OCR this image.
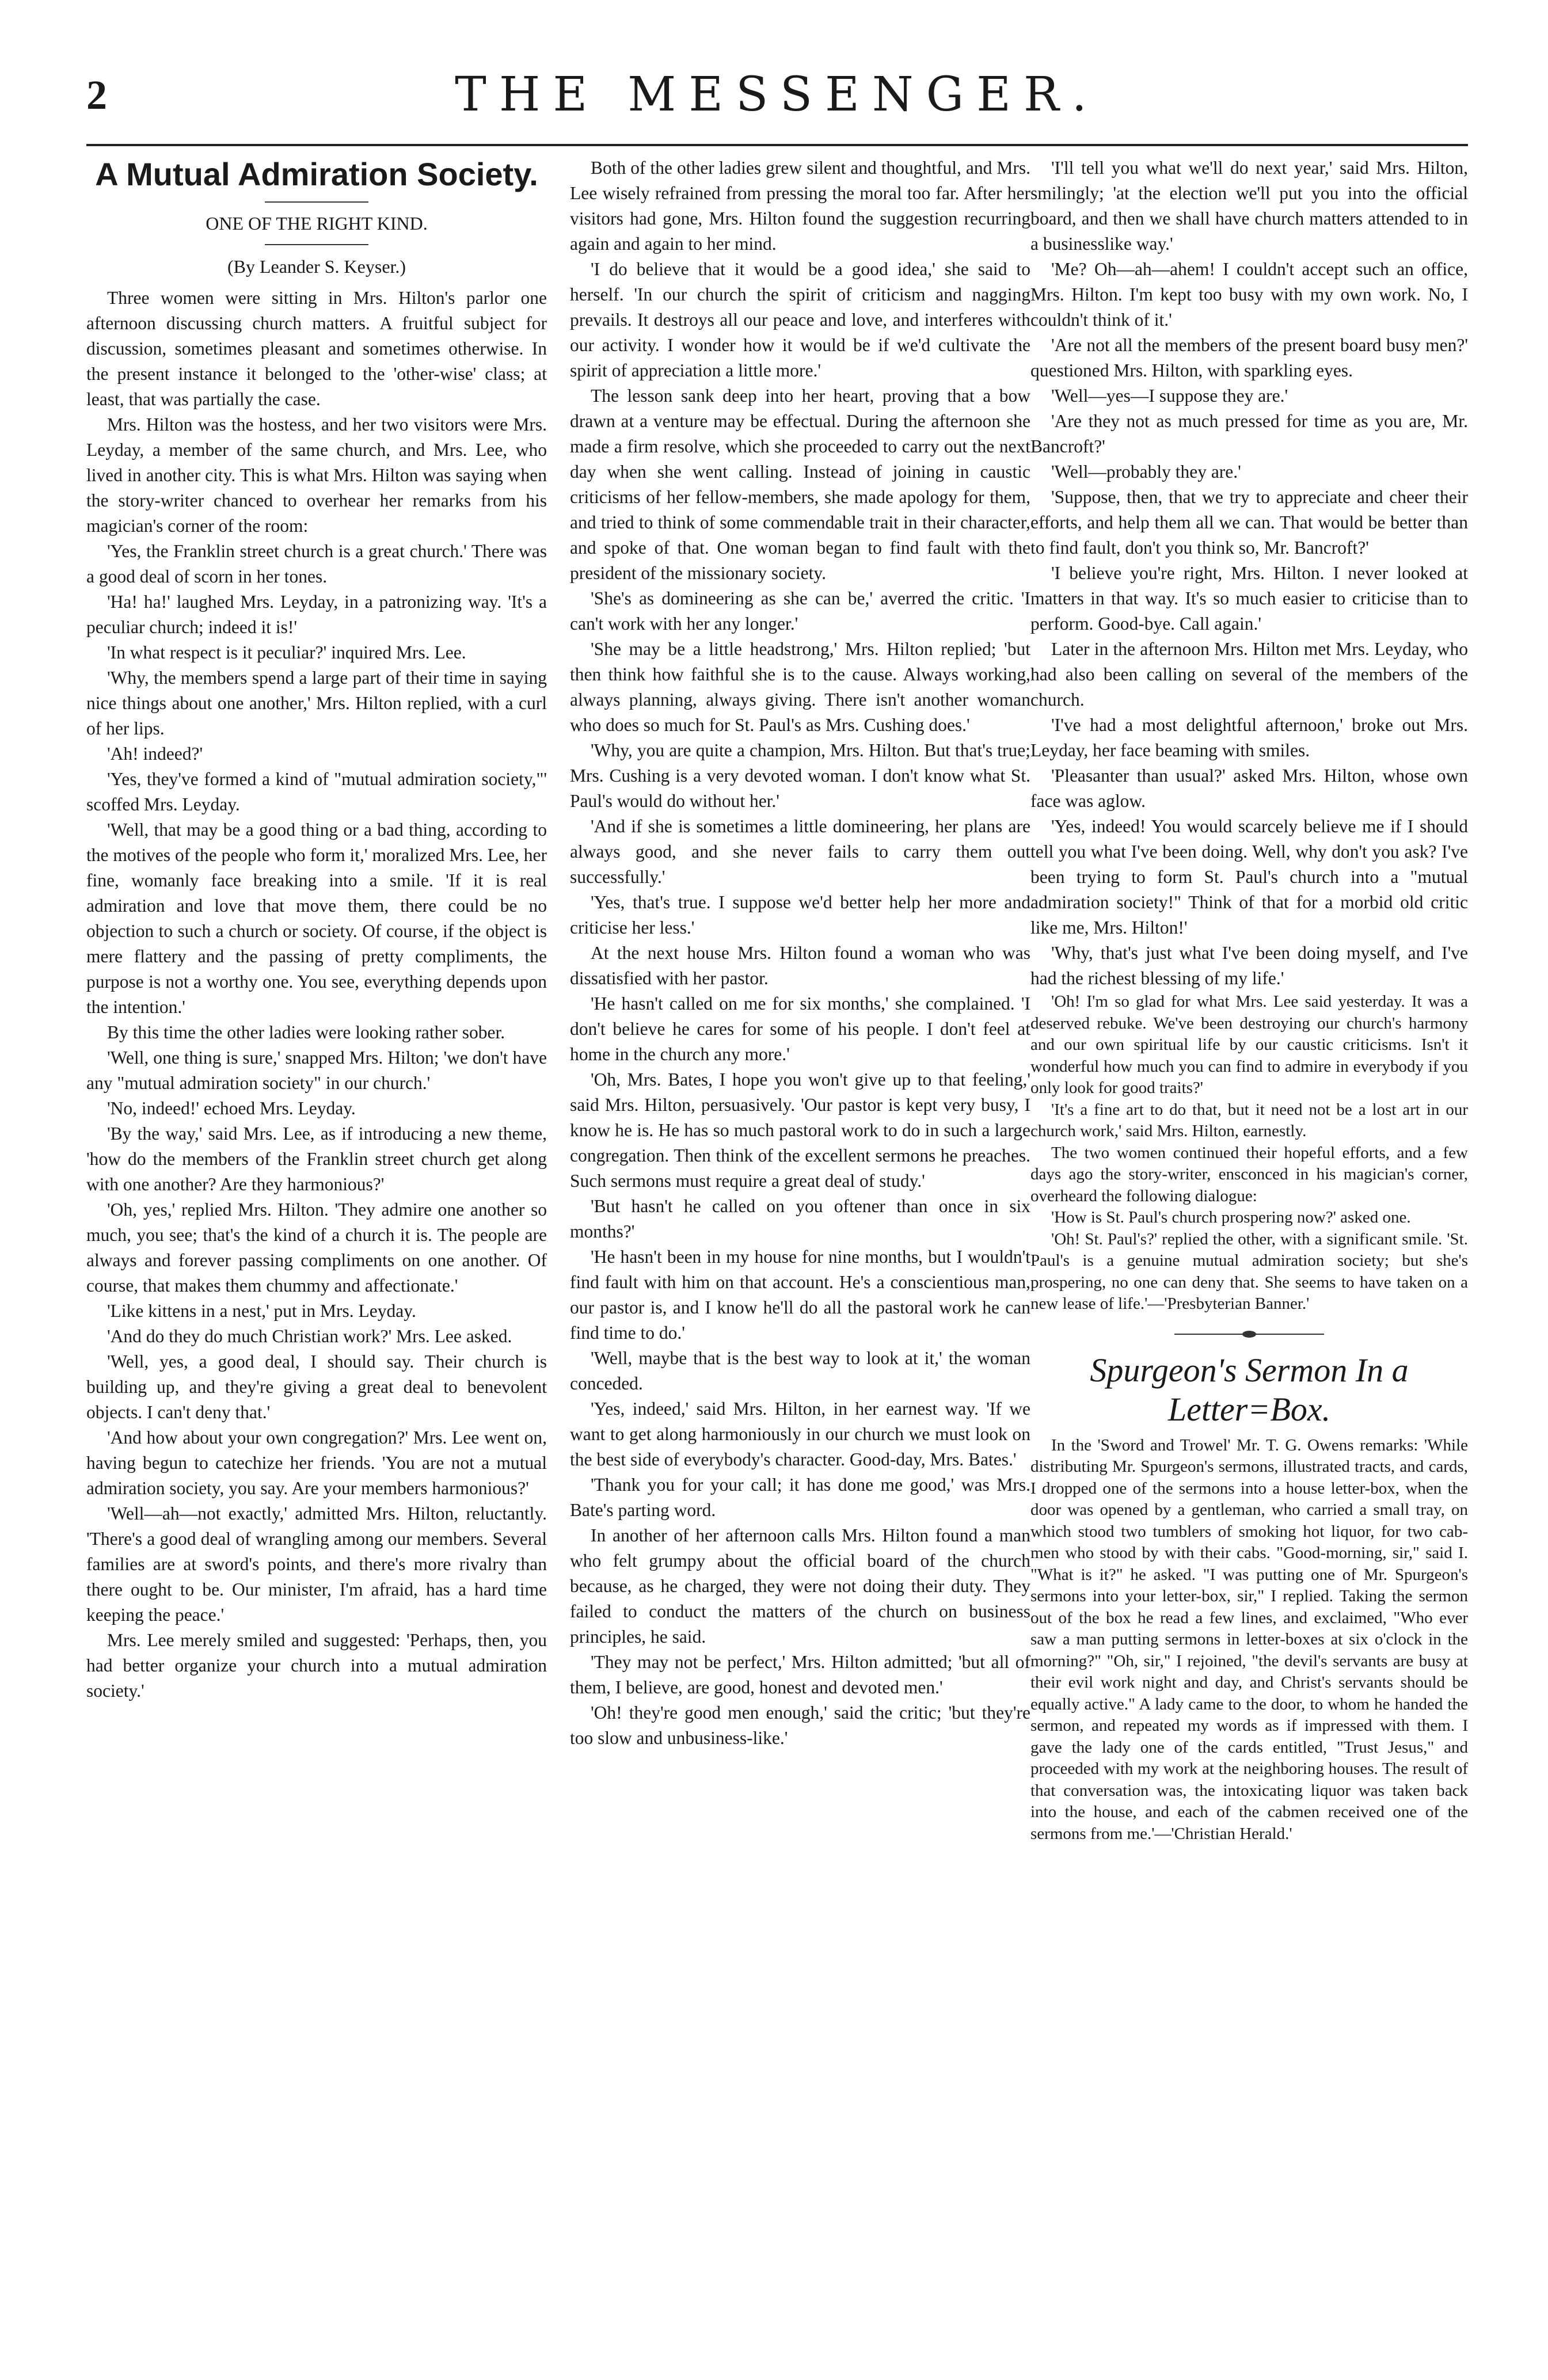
2	THE MESSENGER.
A Mutual Admiration Society.
ONE OF THE RIGHT KIND.
(By Leander S. Keyser.)

Three women were sitting in Mrs. Hilton's parlor one afternoon discussing church matters. A fruitful subject for discussion, sometimes pleasant and sometimes otherwise. In the present instance it belonged to the 'other-wise' class; at least, that was partially the case.

Mrs. Hilton was the hostess, and her two visitors were Mrs. Leyday, a member of the same church, and Mrs. Lee, who lived in another city. This is what Mrs. Hilton was saying when the story-writer chanced to overhear her remarks from his magician's corner of the room:

'Yes, the Franklin street church is a great church.' There was a good deal of scorn in her tones.

'Ha! ha!' laughed Mrs. Leyday, in a patronizing way. 'It's a peculiar church; indeed it is!'

'In what respect is it peculiar?' inquired Mrs. Lee.

'Why, the members spend a large part of their time in saying nice things about one another,' Mrs. Hilton replied, with a curl of her lips.

'Ah! indeed?'

'Yes, they've formed a kind of "mutual admiration society,"' scoffed Mrs. Leyday.

'Well, that may be a good thing or a bad thing, according to the motives of the people who form it,' moralized Mrs. Lee, her fine, womanly face breaking into a smile. 'If it is real admiration and love that move them, there could be no objection to such a church or society. Of course, if the object is mere flattery and the passing of pretty compliments, the purpose is not a worthy one. You see, everything depends upon the intention.'

By this time the other ladies were looking rather sober.

'Well, one thing is sure,' snapped Mrs. Hilton; 'we don't have any "mutual admiration society" in our church.'

'No, indeed!' echoed Mrs. Leyday.

'By the way,' said Mrs. Lee, as if introducing a new theme, 'how do the members of the Franklin street church get along with one another? Are they harmonious?'

'Oh, yes,' replied Mrs. Hilton. 'They admire one another so much, you see; that's the kind of a church it is. The people are always and forever passing compliments on one another. Of course, that makes them chummy and affectionate.'

'Like kittens in a nest,' put in Mrs. Leyday.

'And do they do much Christian work?' Mrs. Lee asked.

'Well, yes, a good deal, I should say. Their church is building up, and they're giving a great deal to benevolent objects. I can't deny that.'

'And how about your own congregation?' Mrs. Lee went on, having begun to catechize her friends. 'You are not a mutual admiration society, you say. Are your members harmonious?'

'Well—ah—not exactly,' admitted Mrs. Hilton, reluctantly. 'There's a good deal of wrangling among our members. Several families are at sword's points, and there's more rivalry than there ought to be. Our minister, I'm afraid, has a hard time keeping the peace.'

Mrs. Lee merely smiled and suggested: 'Perhaps, then, you had better organize your church into a mutual admiration society.'

Both of the other ladies grew silent and thoughtful, and Mrs. Lee wisely refrained from pressing the moral too far. After her visitors had gone, Mrs. Hilton found the suggestion recurring again and again to her mind.

'I do believe that it would be a good idea,' she said to herself. 'In our church the spirit of criticism and nagging prevails. It destroys all our peace and love, and interferes with our activity. I wonder how it would be if we'd cultivate the spirit of appreciation a little more.'

The lesson sank deep into her heart, proving that a bow drawn at a venture may be effectual. During the afternoon she made a firm resolve, which she proceeded to carry out the next day when she went calling. Instead of joining in caustic criticisms of her fellow-members, she made apology for them, and tried to think of some commendable trait in their character, and spoke of that. One woman began to find fault with the president of the missionary society.

'She's as domineering as she can be,' averred the critic. 'I can't work with her any longer.'

'She may be a little headstrong,' Mrs. Hilton replied; 'but then think how faithful she is to the cause. Always working, always planning, always giving. There isn't another woman who does so much for St. Paul's as Mrs. Cushing does.'

'Why, you are quite a champion, Mrs. Hilton. But that's true; Mrs. Cushing is a very devoted woman. I don't know what St. Paul's would do without her.'

'And if she is sometimes a little domineering, her plans are always good, and she never fails to carry them out successfully.'

'Yes, that's true. I suppose we'd better help her more and criticise her less.'

At the next house Mrs. Hilton found a woman who was dissatisfied with her pastor.

'He hasn't called on me for six months,' she complained. 'I don't believe he cares for some of his people. I don't feel at home in the church any more.'

'Oh, Mrs. Bates, I hope you won't give up to that feeling,' said Mrs. Hilton, persuasively. 'Our pastor is kept very busy, I know he is. He has so much pastoral work to do in such a large congregation. Then think of the excellent sermons he preaches. Such sermons must require a great deal of study.'

'But hasn't he called on you oftener than once in six months?'

'He hasn't been in my house for nine months, but I wouldn't find fault with him on that account. He's a conscientious man, our pastor is, and I know he'll do all the pastoral work he can find time to do.'

'Well, maybe that is the best way to look at it,' the woman conceded.

'Yes, indeed,' said Mrs. Hilton, in her earnest way. 'If we want to get along harmoniously in our church we must look on the best side of everybody's character. Good-day, Mrs. Bates.'

'Thank you for your call; it has done me good,' was Mrs. Bate's parting word.

In another of her afternoon calls Mrs. Hilton found a man who felt grumpy about the official board of the church because, as he charged, they were not doing their duty. They failed to conduct the matters of the church on business principles, he said.

'They may not be perfect,' Mrs. Hilton admitted; 'but all of them, I believe, are good, honest and devoted men.'

'Oh! they're good men enough,' said the critic; 'but they're too slow and unbusiness-like.'

'I'll tell you what we'll do next year,' said Mrs. Hilton, smilingly; 'at the election we'll put you into the official board, and then we shall have church matters attended to in a businesslike way.'

'Me? Oh—ah—ahem! I couldn't accept such an office, Mrs. Hilton. I'm kept too busy with my own work. No, I couldn't think of it.'

'Are not all the members of the present board busy men?' questioned Mrs. Hilton, with sparkling eyes.

'Well—yes—I suppose they are.'

'Are they not as much pressed for time as you are, Mr. Bancroft?'

'Well—probably they are.'

'Suppose, then, that we try to appreciate and cheer their efforts, and help them all we can. That would be better than to find fault, don't you think so, Mr. Bancroft?'

'I believe you're right, Mrs. Hilton. I never looked at matters in that way. It's so much easier to criticise than to perform. Good-bye. Call again.'

Later in the afternoon Mrs. Hilton met Mrs. Leyday, who had also been calling on several of the members of the church.

'I've had a most delightful afternoon,' broke out Mrs. Leyday, her face beaming with smiles.

'Pleasanter than usual?' asked Mrs. Hilton, whose own face was aglow.

'Yes, indeed! You would scarcely believe me if I should tell you what I've been doing. Well, why don't you ask? I've been trying to form St. Paul's church into a "mutual admiration society!" Think of that for a morbid old critic like me, Mrs. Hilton!'

'Why, that's just what I've been doing myself, and I've had the richest blessing of my life.'

'Oh! I'm so glad for what Mrs. Lee said yesterday. It was a deserved rebuke. We've been destroying our church's harmony and our own spiritual life by our caustic criticisms. Isn't it wonderful how much you can find to admire in everybody if you only look for good traits?'

'It's a fine art to do that, but it need not be a lost art in our church work,' said Mrs. Hilton, earnestly.

The two women continued their hopeful efforts, and a few days ago the story-writer, ensconced in his magician's corner, overheard the following dialogue:

'How is St. Paul's church prospering now?' asked one.

'Oh! St. Paul's?' replied the other, with a significant smile. 'St. Paul's is a genuine mutual admiration society; but she's prospering, no one can deny that. She seems to have taken on a new lease of life.'—'Presbyterian Banner.'

Spurgeon's Sermon In a Letter=Box.

In the 'Sword and Trowel' Mr. T. G. Owens remarks: 'While distributing Mr. Spurgeon's sermons, illustrated tracts, and cards, I dropped one of the sermons into a house letter-box, when the door was opened by a gentleman, who carried a small tray, on which stood two tumblers of smoking hot liquor, for two cab-men who stood by with their cabs. "Good-morning, sir," said I. "What is it?" he asked. "I was putting one of Mr. Spurgeon's sermons into your letter-box, sir," I replied. Taking the sermon out of the box he read a few lines, and exclaimed, "Who ever saw a man putting sermons in letter-boxes at six o'clock in the morning?" "Oh, sir," I rejoined, "the devil's servants are busy at their evil work night and day, and Christ's servants should be equally active." A lady came to the door, to whom he handed the sermon, and repeated my words as if impressed with them. I gave the lady one of the cards entitled, "Trust Jesus," and proceeded with my work at the neighboring houses. The result of that conversation was, the intoxicating liquor was taken back into the house, and each of the cabmen received one of the sermons from me.'—'Christian Herald.'
